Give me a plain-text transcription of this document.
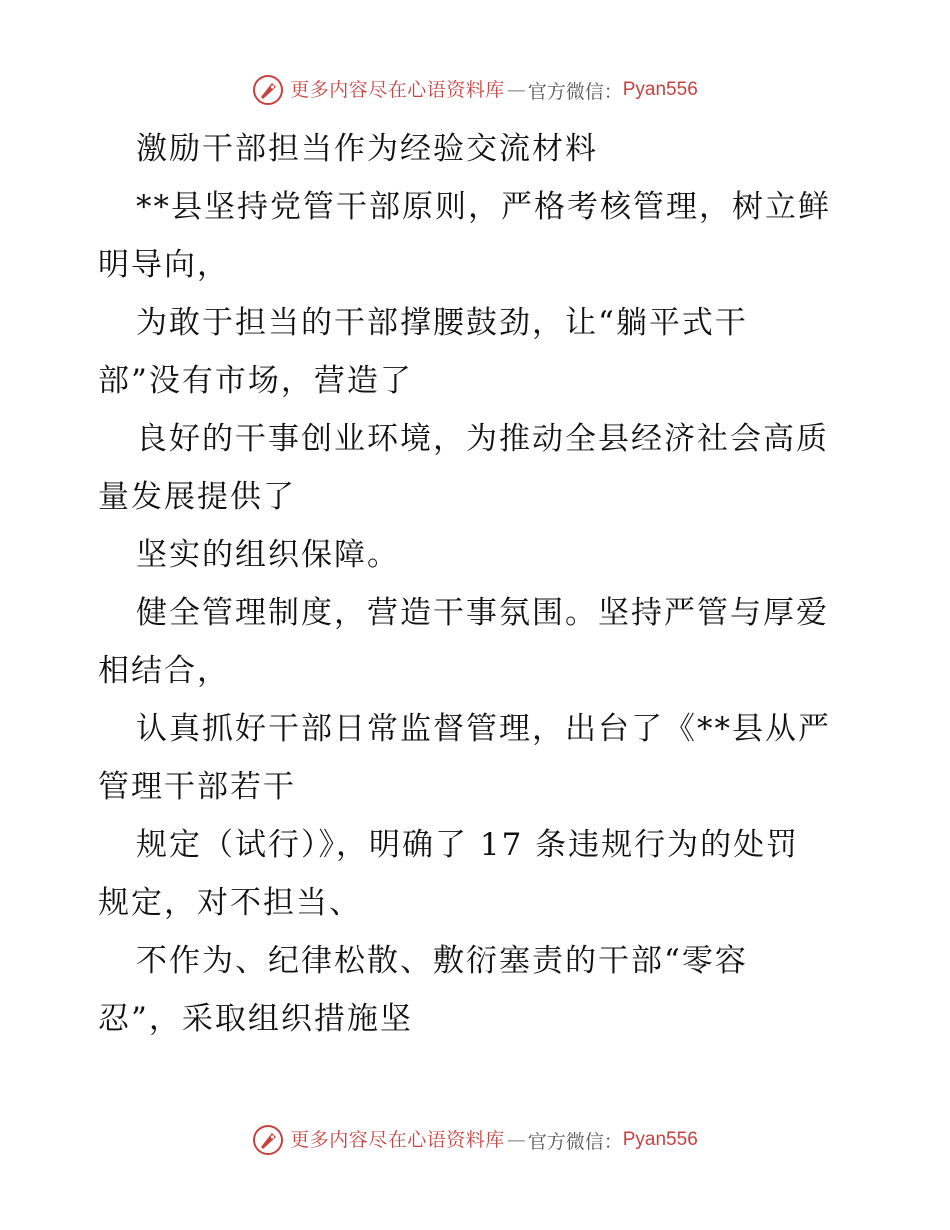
更多内容尽在心语资料库 — 官方微信： Pyan556
激励干部担当作为经验交流材料
**县坚持党管干部原则，严格考核管理，树立鲜
明导向，
为敢于担当的干部撑腰鼓劲，让“躺平式干
部”没有市场，营造了
良好的干事创业环境，为推动全县经济社会高质
量发展提供了
坚实的组织保障。
健全管理制度，营造干事氛围。坚持严管与厚爱
相结合，
认真抓好干部日常监督管理，出台了《**县从严
管理干部若干
规定（试行）》，明确了 17 条违规行为的处罚
规定，对不担当、
不作为、纪律松散、敷衍塞责的干部“零容
忍”，采取组织措施坚
更多内容尽在心语资料库 — 官方微信： Pyan556
